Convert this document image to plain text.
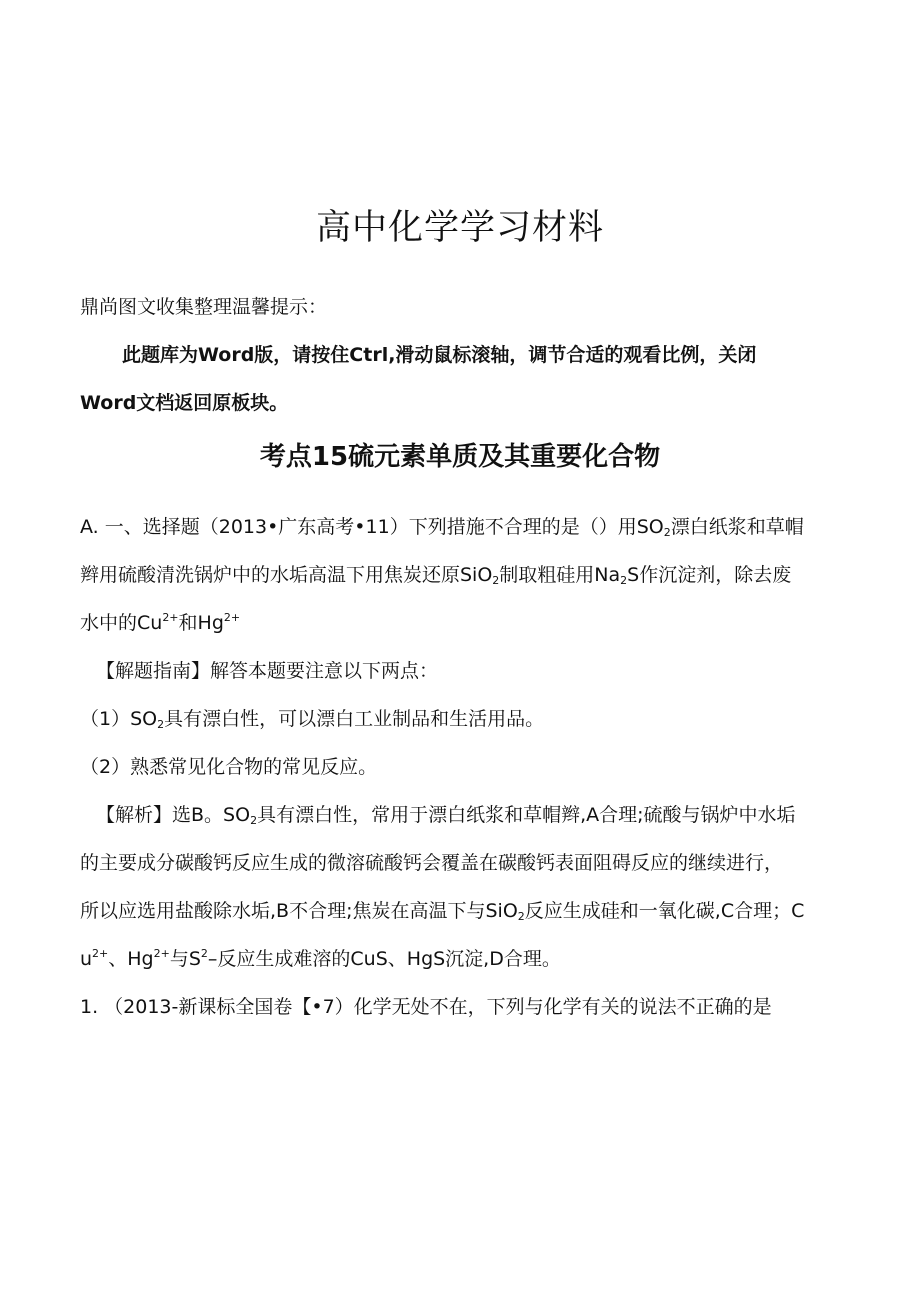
高中化学学习材料
鼎尚图文收集整理温馨提示：
此题库为Word版，请按住Ctrl,滑动鼠标滚轴，调节合适的观看比例，关闭
Word文档返回原板块。
考点15硫元素单质及其重要化合物
A. 一、选择题（2013•广东高考•11）下列措施不合理的是（）用$SO_2$漂白纸浆和草帽
辫用硫酸清洗锅炉中的水垢高温下用焦炭还原SiO$_2$制取粗硅用$Na_2S$作沉淀剂，除去废
水中的$Cu^{2+}$和$Hg^{2+}$
【解题指南】解答本题要注意以下两点：
$(1)SO_2$具有漂白性，可以漂白工业制品和生活用品。
（2）熟悉常见化合物的常见反应。
【解析】选B。$SO_2$具有漂白性，常用于漂白纸浆和草帽辫,A合理;硫酸与锅炉中水垢
的主要成分碳酸钙反应生成的微溶硫酸钙会覆盖在碳酸钙表面阻碍反应的继续进行，
所以应选用盐酸除水垢,B不合理;焦炭在高温下与SiO$_2$反应生成硅和一氧化碳,C合理；C
$u^{2+}$、$Hg^{2+}$与$S^2-$反应生成难溶的CuS、HgS沉淀,D合理。
1. （2013-新课标全国卷【•7）化学无处不在，下列与化学有关的说法不正确的是
